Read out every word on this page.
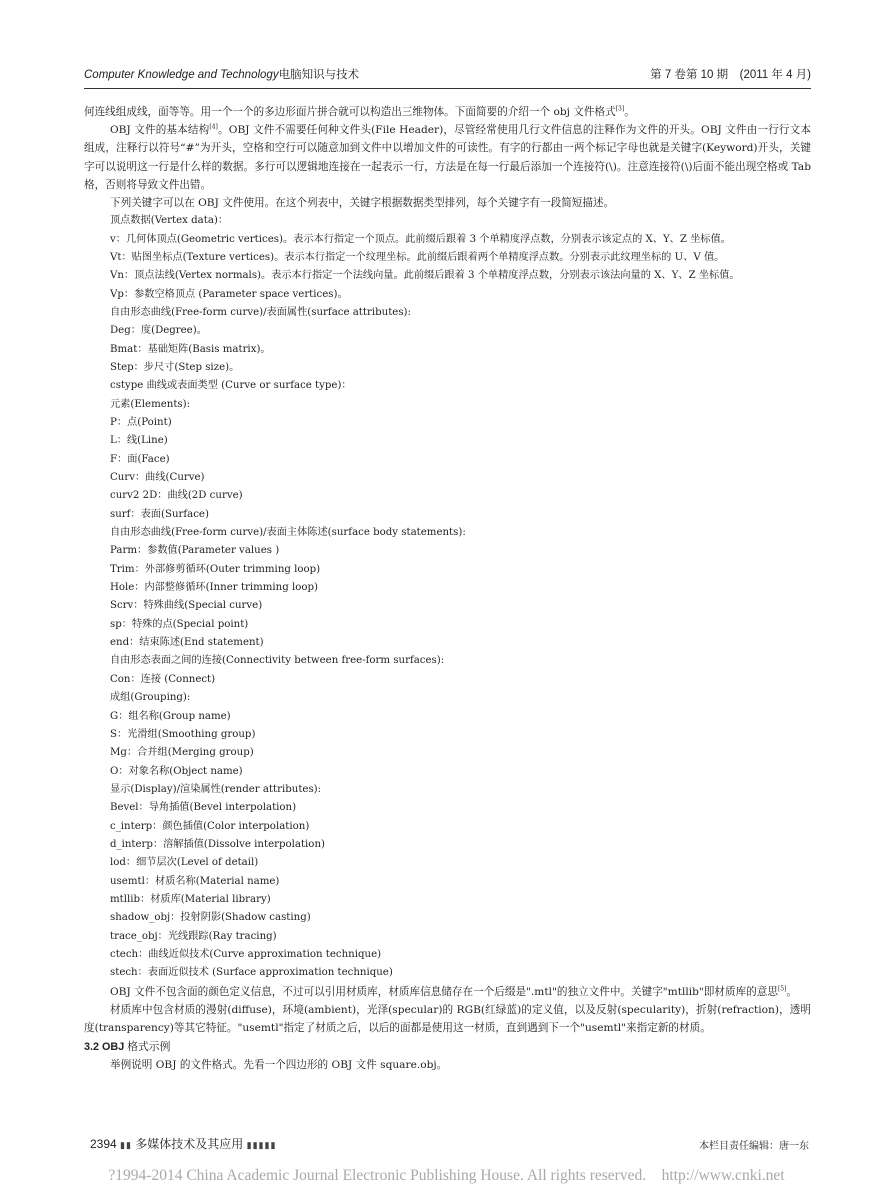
Computer Knowledge and Technology电脑知识与技术	第 7 卷第 10 期　(2011 年 4 月)

何连线组成线，面等等。用一个一个的多边形面片拼合就可以构造出三维物体。下面简要的介绍一个 obj 文件格式[3]。

OBJ 文件的基本结构[4]。OBJ 文件不需要任何种文件头(File Header)，尽管经常使用几行文件信息的注释作为文件的开头。OBJ 文件由一行行文本组成，注释行以符号“#”为开头，空格和空行可以随意加到文件中以增加文件的可读性。有字的行都由一两个标记字母也就是关键字(Keyword)开头，关键字可以说明这一行是什么样的数据。多行可以逻辑地连接在一起表示一行，方法是在每一行最后添加一个连接符(\)。注意连接符(\)后面不能出现空格或 Tab 格，否则将导致文件出错。

下列关键字可以在 OBJ 文件使用。在这个列表中，关键字根据数据类型排列，每个关键字有一段简短描述。

顶点数据(Vertex data)：
v：几何体顶点(Geometric vertices)。表示本行指定一个顶点。此前缀后跟着 3 个单精度浮点数，分别表示该定点的 X、Y、Z 坐标值。
Vt：贴图坐标点(Texture vertices)。表示本行指定一个纹理坐标。此前缀后跟着两个单精度浮点数。分别表示此纹理坐标的 U、V 值。
Vn：顶点法线(Vertex normals)。表示本行指定一个法线向量。此前缀后跟着 3 个单精度浮点数，分别表示该法向量的 X、Y、Z 坐标值。
Vp：参数空格顶点 (Parameter space vertices)。
自由形态曲线(Free-form curve)/表面属性(surface attributes):
Deg：度(Degree)。
Bmat：基础矩阵(Basis matrix)。
Step：步尺寸(Step size)。
cstype 曲线或表面类型 (Curve or surface type)：
元素(Elements):
P：点(Point)
L：线(Line)
F：面(Face)
Curv：曲线(Curve)
curv2 2D：曲线(2D curve)
surf：表面(Surface)
自由形态曲线(Free-form curve)/表面主体陈述(surface body statements):
Parm：参数值(Parameter values )
Trim：外部修剪循环(Outer trimming loop)
Hole：内部整修循环(Inner trimming loop)
Scrv：特殊曲线(Special curve)
sp：特殊的点(Special point)
end：结束陈述(End statement)
自由形态表面之间的连接(Connectivity between free-form surfaces):
Con：连接 (Connect)
成组(Grouping):
G：组名称(Group name)
S：光滑组(Smoothing group)
Mg：合并组(Merging group)
O：对象名称(Object name)
显示(Display)/渲染属性(render attributes):
Bevel：导角插值(Bevel interpolation)
c_interp：颜色插值(Color interpolation)
d_interp：溶解插值(Dissolve interpolation)
lod：细节层次(Level of detail)
usemtl：材质名称(Material name)
mtllib：材质库(Material library)
shadow_obj：投射阴影(Shadow casting)
trace_obj：光线跟踪(Ray tracing)
ctech：曲线近似技术(Curve approximation technique)
stech：表面近似技术 (Surface approximation technique)

OBJ 文件不包含面的颜色定义信息，不过可以引用材质库，材质库信息储存在一个后缀是".mtl"的独立文件中。关键字"mtllib"即材质库的意思[5]。

材质库中包含材质的漫射(diffuse)，环境(ambient)，光泽(specular)的 RGB(红绿蓝)的定义值，以及反射(specularity)，折射(refraction)，透明度(transparency)等其它特征。"usemtl"指定了材质之后，以后的面都是使用这一材质，直到遇到下一个"usemtl"来指定新的材质。

3.2 OBJ 格式示例

举例说明 OBJ 的文件格式。先看一个四边形的 OBJ 文件 square.obj。

2394 ▮▮ 多媒体技术及其应用 ▮▮▮▮▮	本栏目责任编辑：唐一东
?1994-2014 China Academic Journal Electronic Publishing House. All rights reserved.　http://www.cnki.net
